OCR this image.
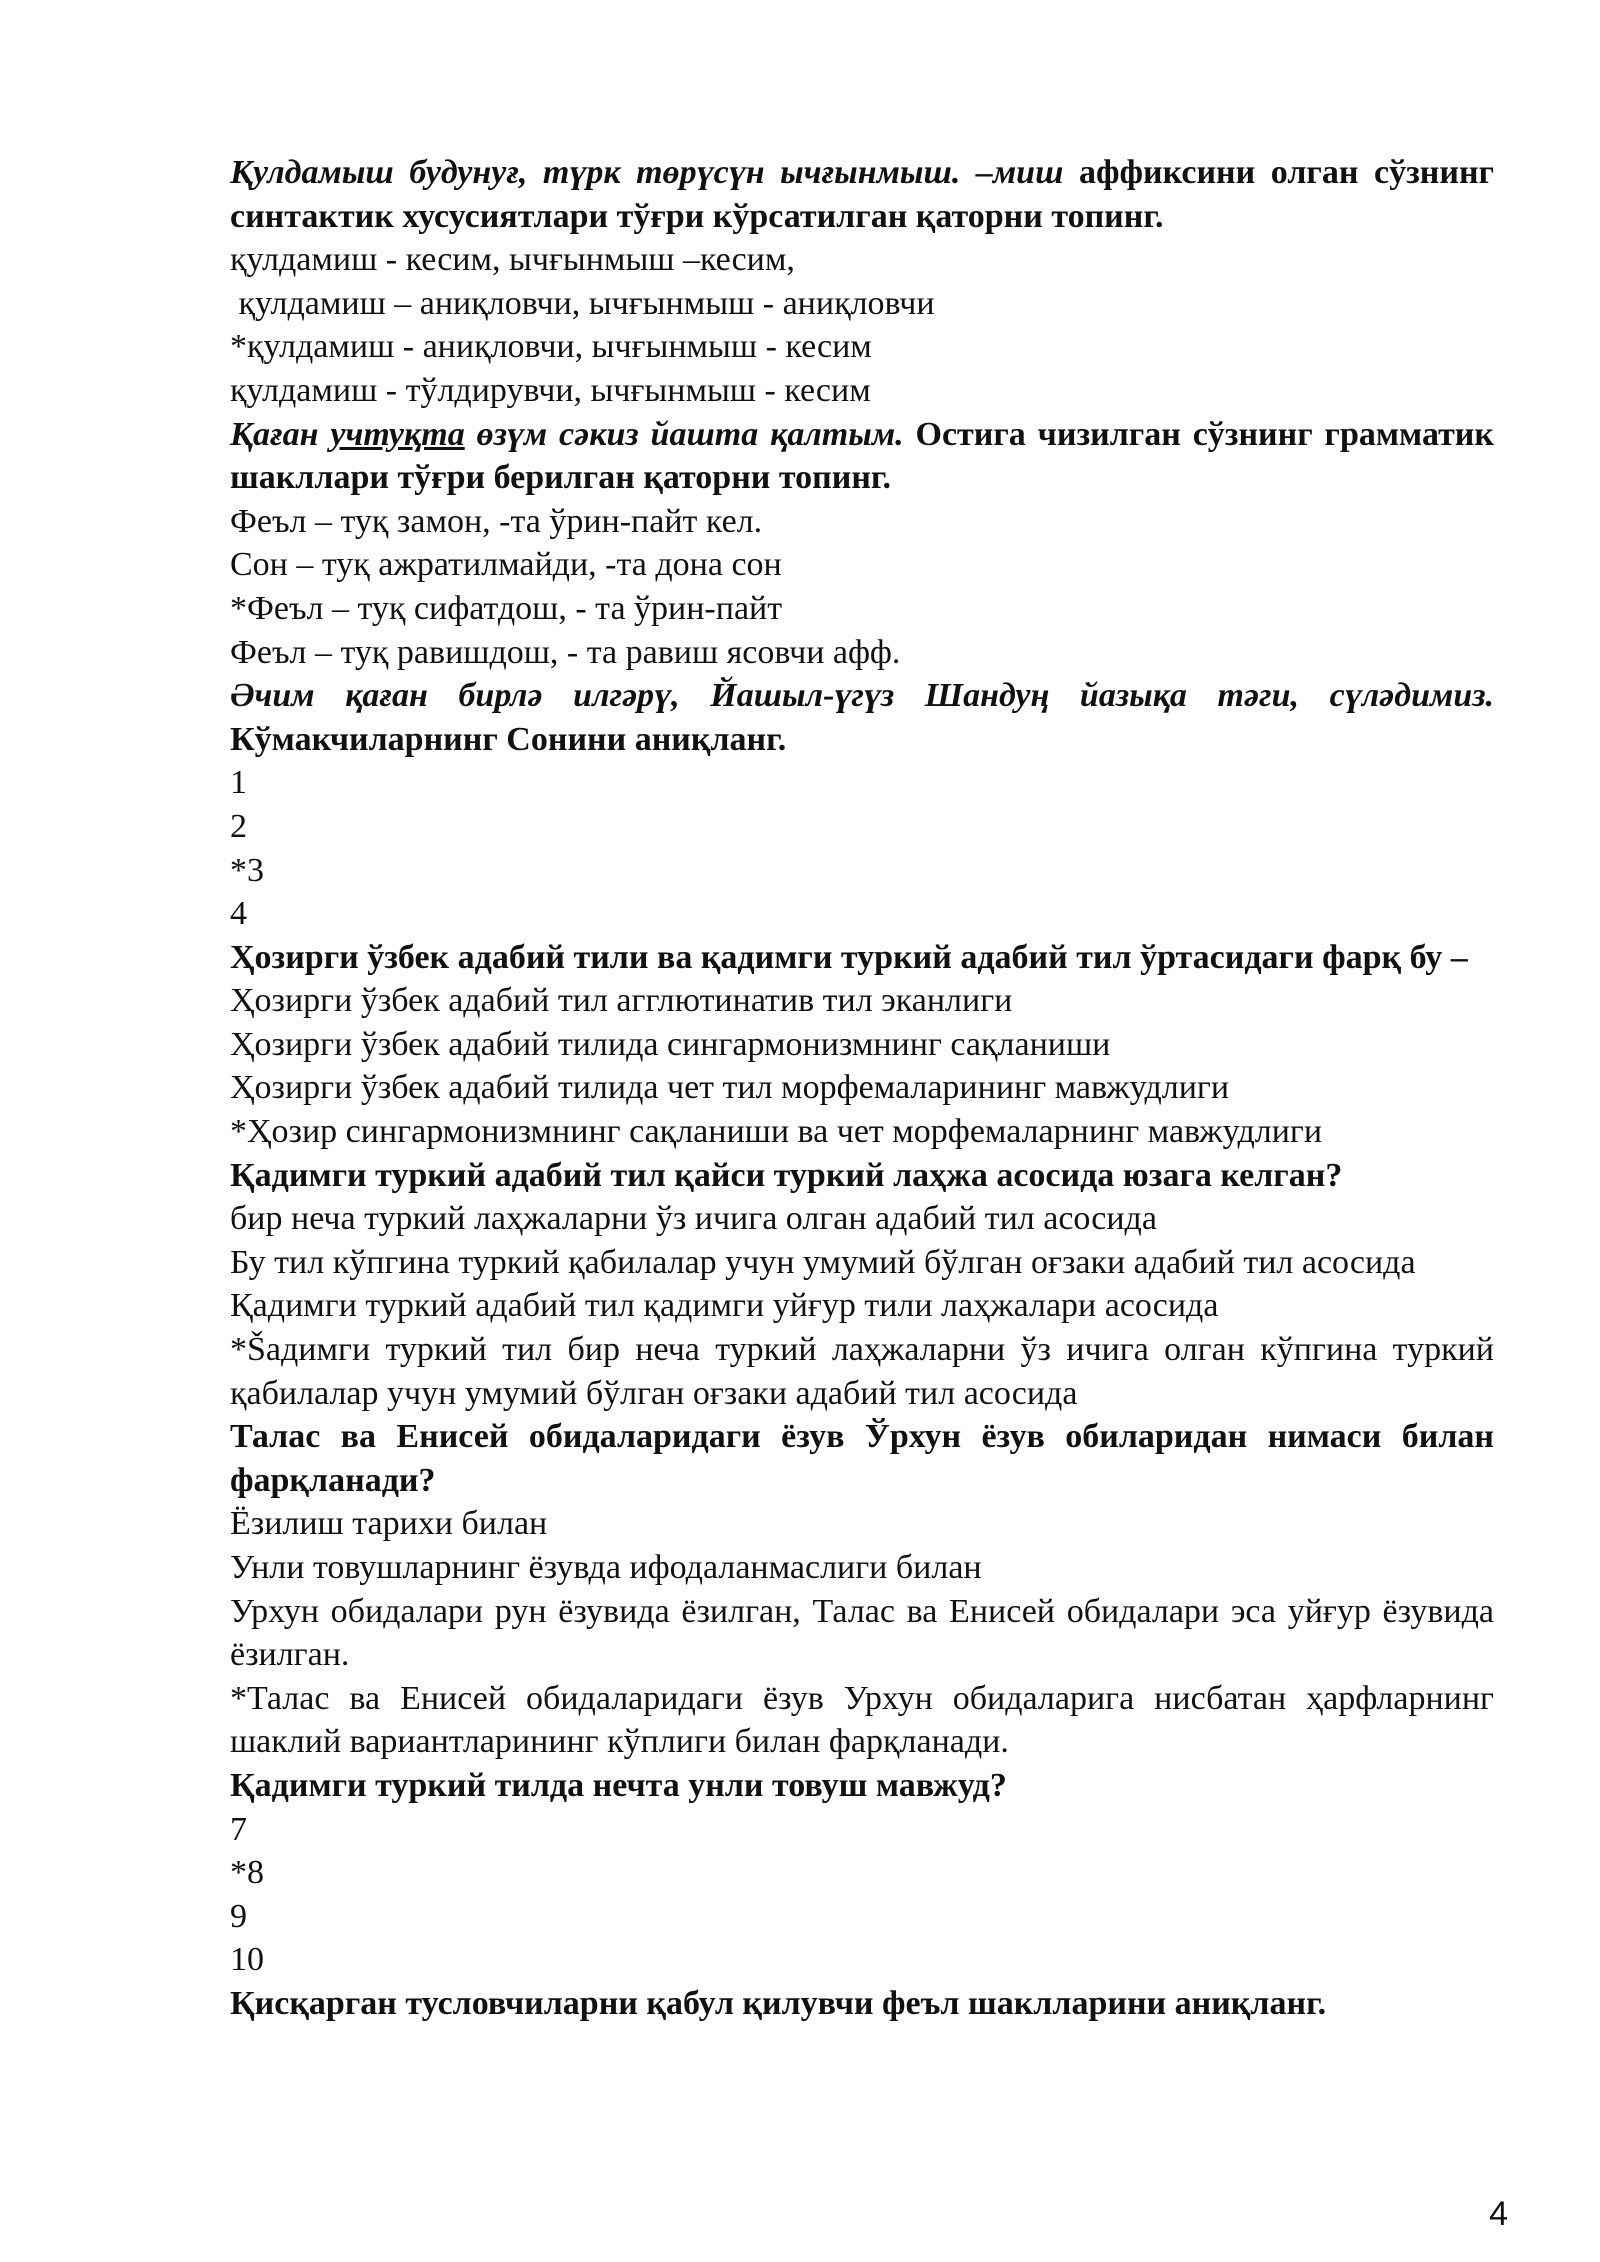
Қулдамыш будунуғ, түрк төрүсүн ычғынмыш. –миш аффиксини олган сўзнинг синтактик хусусиятлари тўғри кўрсатилган қаторни топинг.
қулдамиш - кесим, ычғынмыш –кесим,
қулдамиш – аниқловчи, ычғынмыш - аниқловчи
*қулдамиш - аниқловчи, ычғынмыш - кесим
қулдамиш - тўлдирувчи, ычғынмыш - кесим
Қаған учтуқта өзүм сәкиз йашта қалтым. Остига чизилган сўзнинг грамматик шакллари тўғри берилган қаторни топинг.
Феъл – туқ замон, -та ўрин-пайт кел.
Сон – туқ ажратилмайди, -та дона сон
*Феъл – туқ сифатдош, - та ўрин-пайт
Феъл – туқ равишдош, - та равиш ясовчи афф.
Әчим қаған бирлә илгәрү, Йашыл-үгүз Шандуң йазықа тәги, сүләдимиз. Кўмакчиларнинг Сонини аниқланг.
1
2
*3
4
Ҳозирги ўзбек адабий тили ва қадимги туркий адабий тил ўртасидаги фарқ бу –
Ҳозирги ўзбек адабий тил агглютинатив тил эканлиги
Ҳозирги ўзбек адабий тилида сингармонизмнинг сақланиши
Ҳозирги ўзбек адабий тилида чет тил морфемаларининг мавжудлиги
*Ҳозир сингармонизмнинг сақланиши ва чет морфемаларнинг мавжудлиги
Қадимги туркий адабий тил қайси туркий лаҳжа асосида юзага келган?
бир неча туркий лаҳжаларни ўз ичига олган адабий тил асосида
Бу тил кўпгина туркий қабилалар учун умумий бўлган оғзаки адабий тил асосида
Қадимги туркий адабий тил қадимги уйғур тили лаҳжалари асосида
*Šадимги туркий тил бир неча туркий лаҳжаларни ўз ичига олган кўпгина туркий қабилалар учун умумий бўлган оғзаки адабий тил асосида
Талас ва Енисей обидаларидаги ёзув Ўрхун ёзув обиларидан нимаси билан фарқланади?
Ёзилиш тарихи билан
Унли товушларнинг ёзувда ифодаланмаслиги билан
Урхун обидалари рун ёзувида ёзилган, Талас ва Енисей обидалари эса уйғур ёзувида ёзилган.
*Талас ва Енисей обидаларидаги ёзув Урхун обидаларига нисбатан ҳарфларнинг шаклий вариантларининг кўплиги билан фарқланади.
Қадимги туркий тилда нечта унли товуш мавжуд?
7
*8
9
10
Қисқарган тусловчиларни қабул қилувчи феъл шаклларини аниқланг.
4
